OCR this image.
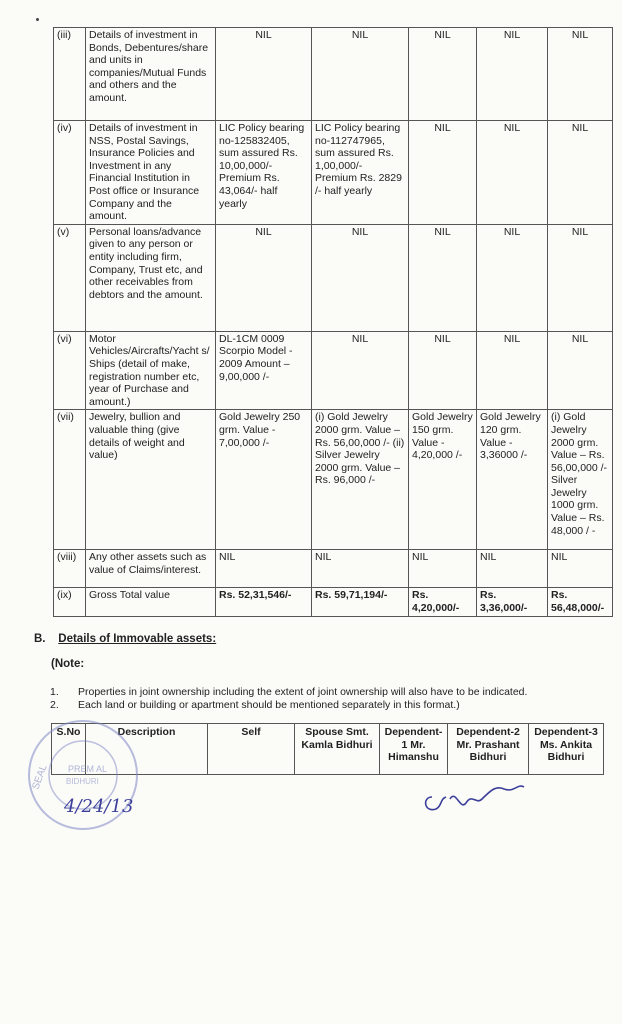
(iii)	Details of investment in Bonds, Debentures/share and units in companies/Mutual Funds and others and the amount.	NIL	NIL	NIL	NIL	NIL
(iv)	Details of investment in NSS, Postal Savings, Insurance Policies and Investment in any Financial Institution in Post office or Insurance Company and the amount.	LIC Policy bearing no-125832405, sum assured Rs. 10,00,000/- Premium Rs. 43,064/- half yearly	LIC Policy bearing no-112747965, sum assured Rs. 1,00,000/- Premium Rs. 2829 /- half yearly	NIL	NIL	NIL
(v)	Personal loans/advance given to any person or entity including firm, Company, Trust etc, and other receivables from debtors and the amount.	NIL	NIL	NIL	NIL	NIL
(vi)	Motor Vehicles/Aircrafts/Yacht s/ Ships (detail of make, registration number etc, year of Purchase and amount.)	DL-1CM 0009 Scorpio Model - 2009 Amount – 9,00,000 /-	NIL	NIL	NIL	NIL
(vii)	Jewelry, bullion and valuable thing (give details of weight and value)	Gold Jewelry 250 grm. Value - 7,00,000 /-	(i) Gold Jewelry 2000 grm. Value – Rs. 56,00,000 /- (ii) Silver Jewelry 2000 grm. Value – Rs. 96,000 /-	Gold Jewelry 150 grm. Value - 4,20,000 /-	Gold Jewelry 120 grm. Value - 3,36000 /-	(i) Gold Jewelry 2000 grm. Value – Rs. 56,00,000 /- Silver Jewelry 1000 grm. Value – Rs. 48,000 / -
(viii)	Any other assets such as value of Claims/interest.	NIL	NIL	NIL	NIL	NIL
(ix)	Gross Total value	Rs. 52,31,546/-	Rs. 59,71,194/-	Rs. 4,20,000/-	Rs. 3,36,000/-	Rs. 56,48,000/-
B. Details of Immovable assets:
(Note:
1. Properties in joint ownership including the extent of joint ownership will also have to be indicated.
2. Each land or building or apartment should be mentioned separately in this format.)
S.No	Description	Self	Spouse Smt. Kamla Bidhuri	Dependent-1 Mr. Himanshu	Dependent-2 Mr. Prashant Bidhuri	Dependent-3 Ms. Ankita Bidhuri
SEAL PREM AL
BIDHURI
4/24/13
